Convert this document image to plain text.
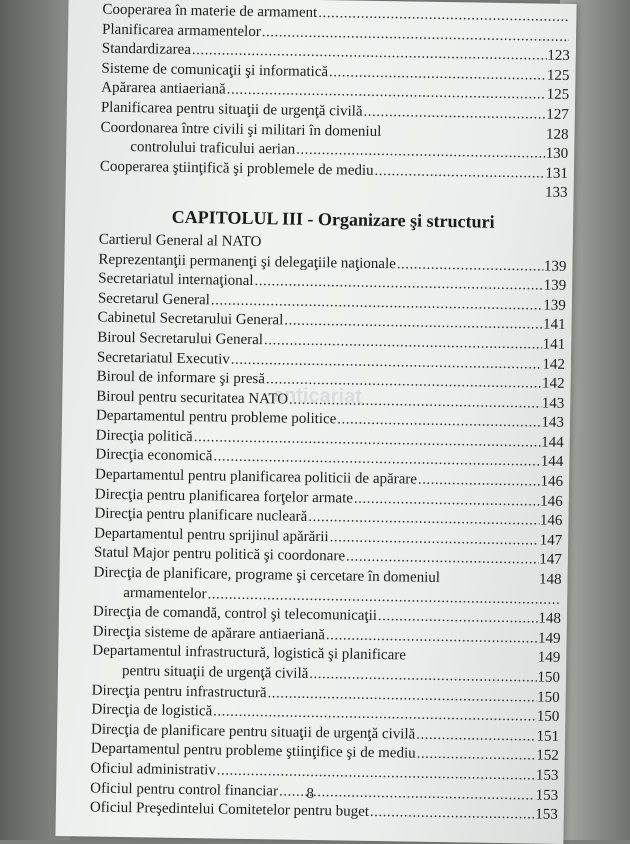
Cooperarea în materie de armament
.....
Planificarea armamentelor
.....
Standardizarea .....	123
Sisteme de comunicaţii şi informatică .....	125
Apărarea antiaeriană .....	125
Planificarea pentru situaţii de urgenţă civilă .....	127
Coordonarea între civili şi militari în domeniul	128
controlului traficului aerian .....	130
Cooperarea ştiinţifică şi problemele de mediu .....	131
133
CAPITOLUL III - Organizare şi structuri
Cartierul General al NATO
Reprezentanţii permanenţi şi delegaţiile naţionale .....	139
Secretariatul internaţional .....	139
Secretarul General .....	139
Cabinetul Secretarului General .....	141
Biroul Secretarului General .....	141
Secretariatul Executiv .....	142
Biroul de informare şi presă .....	142
Biroul pentru securitatea NATO .....	143
Departamentul pentru probleme politice .....	143
Direcţia politică .....	144
Direcţia economică .....	144
Departamentul pentru planificarea politicii de apărare .....	146
Direcţia pentru planificarea forţelor armate .....	146
Direcţia pentru planificare nucleară .....	146
Departamentul pentru sprijinul apărării .....	147
Statul Major pentru politică şi coordonare .....	147
Direcţia de planificare, programe şi cercetare în domeniul	148
armamentelor
.....
Direcţia de comandă, control şi telecomunicaţii .....	148
Direcţia sisteme de apărare antiaeriană .....	149
Departamentul infrastructură, logistică şi planificare	149
pentru situaţii de urgenţă civilă .....	150
Direcţia pentru infrastructură .....	150
Direcţia de logistică .....	150
Direcţia de planificare pentru situaţii de urgenţă civilă .....	151
Departamentul pentru probleme ştiinţifice şi de mediu .....	152
Oficiul administrativ .....	153
Oficiul pentru control financiar .....	153
Oficiul Preşedintelui Comitetelor pentru buget .....	153
anticariat
8
